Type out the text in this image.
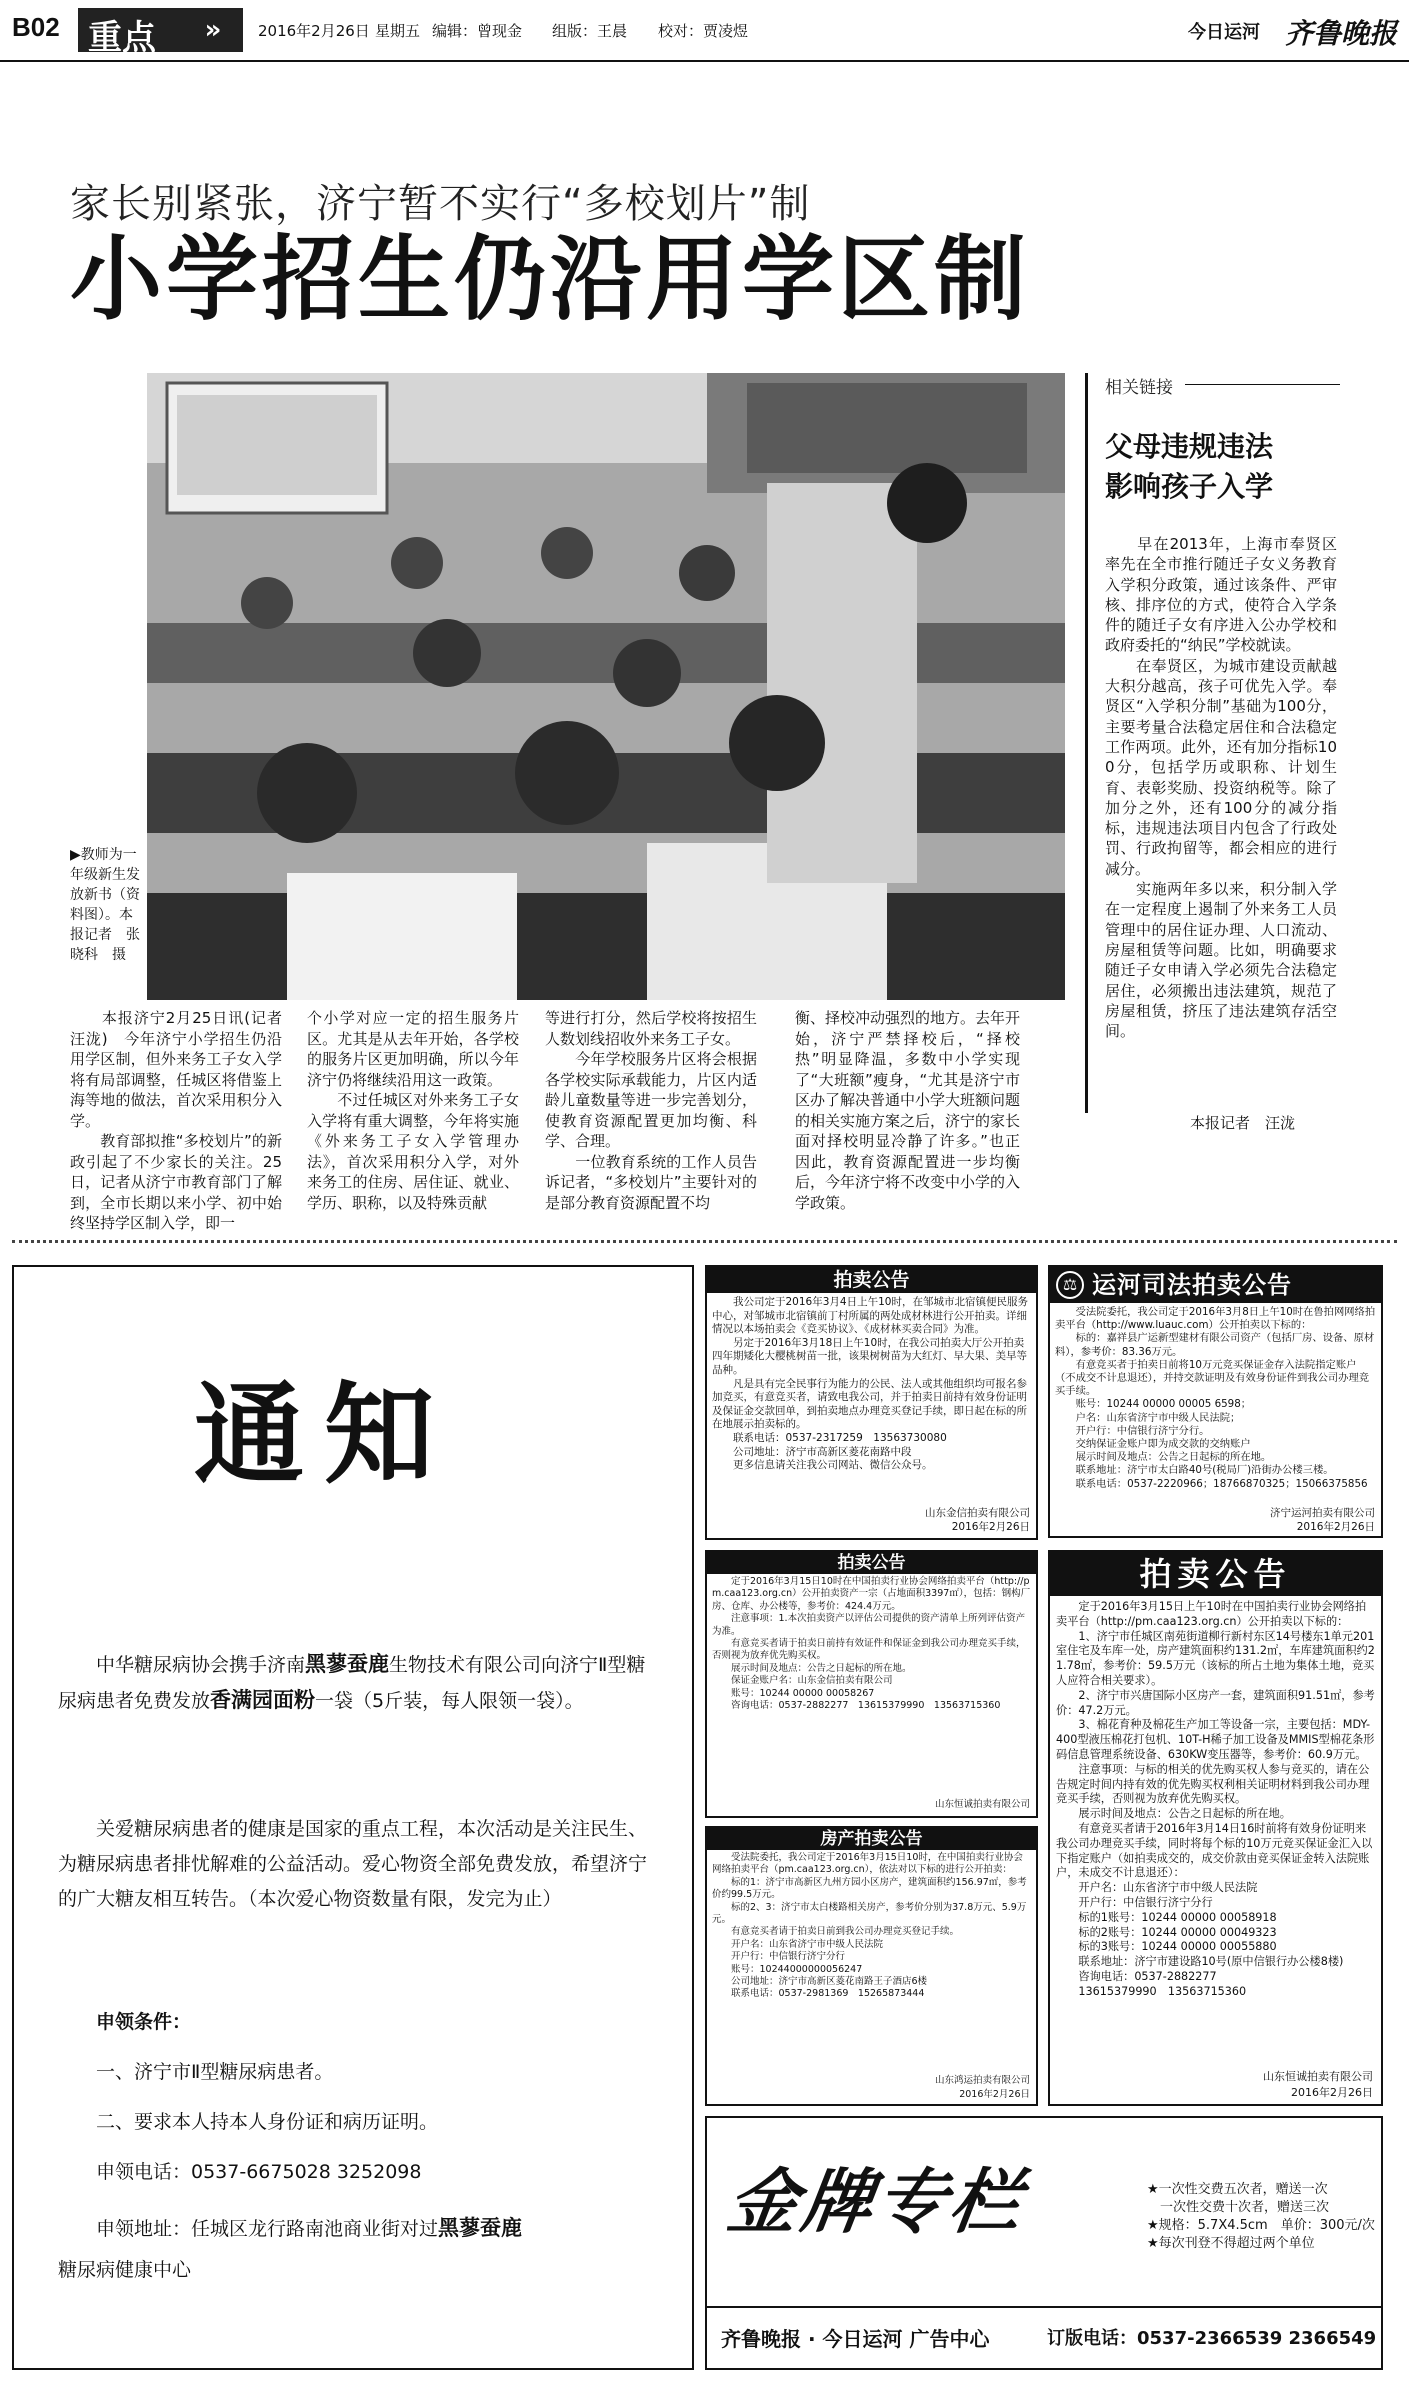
B02 重点	»	2016年2月26日 星期五 编辑：曾现金 组版：王晨 校对：贾凌煜	今日运河 齐鲁晚报
家长别紧张，济宁暂不实行“多校划片”制
小学招生仍沿用学区制
▶教师为一年级新生发放新书（资料图）。本报记者　张晓科　摄
　　本报济宁2月25日讯(记者　汪泷)　今年济宁小学招生仍沿用学区制，但外来务工子女入学将有局部调整，任城区将借鉴上海等地的做法，首次采用积分入学。
　　教育部拟推“多校划片”的新政引起了不少家长的关注。25日，记者从济宁市教育部门了解到，全市长期以来小学、初中始终坚持学区制入学，即一
个小学对应一定的招生服务片区。尤其是从去年开始，各学校的服务片区更加明确，所以今年济宁仍将继续沿用这一政策。
　　不过任城区对外来务工子女入学将有重大调整，今年将实施《外来务工子女入学管理办法》，首次采用积分入学，对外来务工的住房、居住证、就业、学历、职称，以及特殊贡献
等进行打分，然后学校将按招生人数划线招收外来务工子女。
　　今年学校服务片区将会根据各学校实际承载能力，片区内适龄儿童数量等进一步完善划分，使教育资源配置更加均衡、科学、合理。
　　一位教育系统的工作人员告诉记者，“多校划片”主要针对的是部分教育资源配置不均
衡、择校冲动强烈的地方。去年开始，济宁严禁择校后，“择校热”明显降温，多数中小学实现了“大班额”瘦身，“尤其是济宁市区办了解决普通中小学大班额问题的相关实施方案之后，济宁的家长面对择校明显冷静了许多。”也正因此，教育资源配置进一步均衡后，今年济宁将不改变中小学的入学政策。
相关链接
父母违规违法
影响孩子入学
　　早在2013年，上海市奉贤区率先在全市推行随迁子女义务教育入学积分政策，通过该条件、严审核、排序位的方式，使符合入学条件的随迁子女有序进入公办学校和政府委托的“纳民”学校就读。
　　在奉贤区，为城市建设贡献越大积分越高，孩子可优先入学。奉贤区“入学积分制”基础为100分，主要考量合法稳定居住和合法稳定工作两项。此外，还有加分指标100分，包括学历或职称、计划生育、表彰奖励、投资纳税等。除了加分之外，还有100分的减分指标，违规违法项目内包含了行政处罚、行政拘留等，都会相应的进行减分。
　　实施两年多以来，积分制入学在一定程度上遏制了外来务工人员管理中的居住证办理、人口流动、房屋租赁等问题。比如，明确要求随迁子女申请入学必须先合法稳定居住，必须搬出违法建筑，规范了房屋租赁，挤压了违法建筑存活空间。
本报记者　汪泷
通知
中华糖尿病协会携手济南黑蓼蚕鹿生物技术有限公司向济宁Ⅱ型糖尿病患者免费发放香满园面粉一袋（5斤装，每人限领一袋）。
关爱糖尿病患者的健康是国家的重点工程，本次活动是关注民生、为糖尿病患者排忧解难的公益活动。爱心物资全部免费发放，希望济宁的广大糖友相互转告。（本次爱心物资数量有限，发完为止）
申领条件：
一、济宁市Ⅱ型糖尿病患者。
二、要求本人持本人身份证和病历证明。
申领电话：0537-6675028 3252098
申领地址：任城区龙行路南池商业街对过黑蓼蚕鹿
糖尿病健康中心
拍卖公告
　　我公司定于2016年3月4日上午10时，在邹城市北宿镇便民服务中心，对邹城市北宿镇前丁村所属的两处成材林进行公开拍卖。详细情况以本场拍卖会《竞买协议》、《成材林买卖合同》为准。
　　另定于2016年3月18日上午10时，在我公司拍卖大厅公开拍卖四年期矮化大樱桃树苗一批，该果树树苗为大红灯、早大果、美早等品种。
　　凡是具有完全民事行为能力的公民、法人或其他组织均可报名参加竞买，有意竞买者，请致电我公司，并于拍卖日前持有效身份证明及保证金交款回单，到拍卖地点办理竞买登记手续，即日起在标的所在地展示拍卖标的。
　　联系电话：0537-2317259　13563730080
　　公司地址：济宁市高新区菱花南路中段
　　更多信息请关注我公司网站、微信公众号。
山东金信拍卖有限公司
2016年2月26日
⚖ 运河司法拍卖公告
　　受法院委托，我公司定于2016年3月8日上午10时在鲁拍网网络拍卖平台（http://www.luauc.com）公开拍卖以下标的：
　　标的：嘉祥县广运新型建材有限公司资产（包括厂房、设备、原材料），参考价：83.36万元。
　　有意竞买者于拍卖日前将10万元竞买保证金存入法院指定账户（不成交不计息退还），并持交款证明及有效身份证件到我公司办理竞买手续。
　　账号：10244 00000 00005 6598；
　　户名：山东省济宁市中级人民法院；
　　开户行：中信银行济宁分行。
　　交纳保证金账户即为成交款的交纳账户
　　展示时间及地点：公告之日起标的所在地。
　　联系地址：济宁市太白路40号(税局厂)沿街办公楼三楼。
　　联系电话：0537-2220966；18766870325；15066375856
济宁运河拍卖有限公司
2016年2月26日
拍卖公告
　　定于2016年3月15日10时在中国拍卖行业协会网络拍卖平台（http://pm.caa123.org.cn）公开拍卖资产一宗（占地面积3397㎡），包括：钢构厂房、仓库、办公楼等，参考价：424.4万元。
　　注意事项：1.本次拍卖资产以评估公司提供的资产清单上所列评估资产为准。
　　有意竞买者请于拍卖日前持有效证件和保证金到我公司办理竞买手续，否则视为放弃优先购买权。
　　展示时间及地点：公告之日起标的所在地。
　　保证金账户名：山东金信拍卖有限公司
　　账号：10244 00000 00058267
　　咨询电话：0537-2882277　13615379990　13563715360
山东恒诚拍卖有限公司
房产拍卖公告
　　受法院委托，我公司定于2016年3月15日10时，在中国拍卖行业协会网络拍卖平台（pm.caa123.org.cn），依法对以下标的进行公开拍卖：
　　标的1：济宁市高新区九州方园小区房产，建筑面积约156.97㎡，参考价约99.5万元。
　　标的2、3：济宁市太白楼路相关房产，参考价分别为37.8万元、5.9万元。
　　有意竞买者请于拍卖日前到我公司办理竞买登记手续。
　　开户名：山东省济宁市中级人民法院
　　开户行：中信银行济宁分行
　　账号：10244000000056247
　　公司地址：济宁市高新区菱花南路王子酒店6楼
　　联系电话：0537-2981369　15265873444
山东鸿运拍卖有限公司
2016年2月26日
拍卖公告
　　定于2016年3月15日上午10时在中国拍卖行业协会网络拍卖平台（http://pm.caa123.org.cn）公开拍卖以下标的：
　　1、济宁市任城区南苑街道柳行新村东区14号楼东1单元201室住宅及车库一处，房产建筑面积约131.2㎡，车库建筑面积约21.78㎡，参考价：59.5万元（该标的所占土地为集体土地，竞买人应符合相关要求）。
　　2、济宁市兴唐国际小区房产一套，建筑面积91.51㎡，参考价：47.2万元。
　　3、棉花育种及棉花生产加工等设备一宗，主要包括：MDY-400型液压棉花打包机、10T-H稀子加工设备及MMIS型棉花条形码信息管理系统设备、630KW变压器等，参考价：60.9万元。
　　注意事项：与标的相关的优先购买权人参与竞买的，请在公告规定时间内持有效的优先购买权利相关证明材料到我公司办理竞买手续，否则视为放弃优先购买权。
　　展示时间及地点：公告之日起标的所在地。
　　有意竞买者请于2016年3月14日16时前将有效身份证明来我公司办理竞买手续，同时将每个标的10万元竞买保证金汇入以下指定账户（如拍卖成交的，成交价款由竞买保证金转入法院账户，未成交不计息退还）：
　　开户名：山东省济宁市中级人民法院
　　开户行：中信银行济宁分行
　　标的1账号：10244 00000 00058918
　　标的2账号：10244 00000 00049323
　　标的3账号：10244 00000 00055880
　　联系地址：济宁市建设路10号(原中信银行办公楼8楼)
　　咨询电话：0537-2882277
　　13615379990　13563715360
山东恒诚拍卖有限公司
2016年2月26日
金牌专栏	★一次性交费五次者，赠送一次
　一次性交费十次者，赠送三次
★规格：5.7X4.5cm　单价：300元/次
★每次刊登不得超过两个单位
齐鲁晚报 · 今日运河 广告中心	订版电话：0537-2366539 2366549
